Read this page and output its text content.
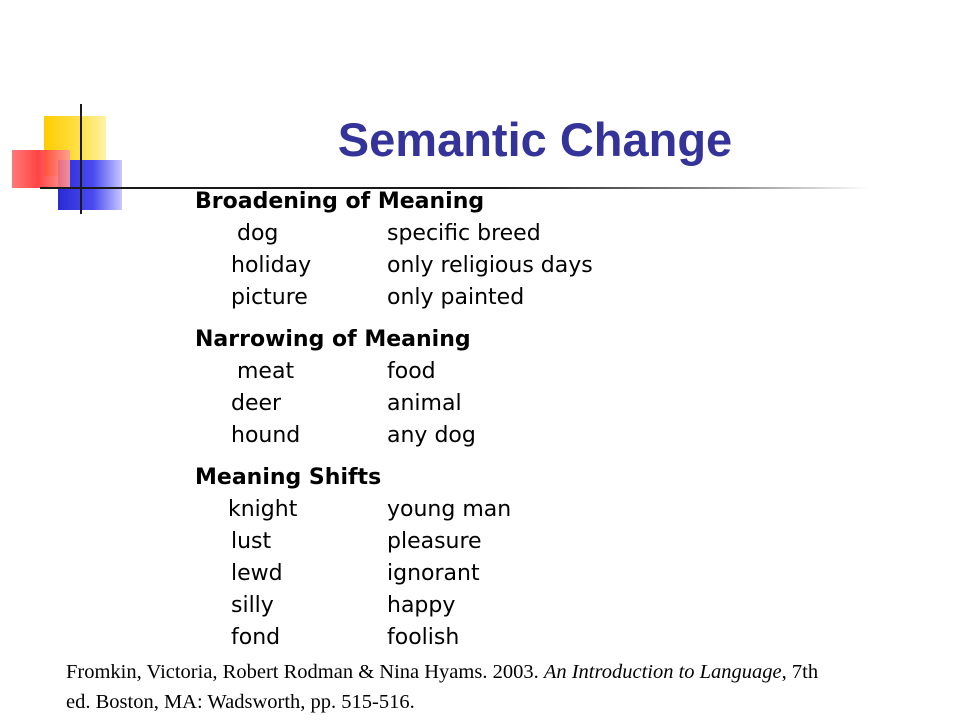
Semantic Change
Broadening of Meaning
dog	specific breed
holiday	only religious days
picture	only painted
Narrowing of Meaning
meat	food
deer	animal
hound	any dog
Meaning Shifts
knight	young man
lust	pleasure
lewd	ignorant
silly	happy
fond	foolish
Fromkin, Victoria, Robert Rodman & Nina Hyams. 2003. An Introduction to Language, 7th ed. Boston, MA: Wadsworth, pp. 515-516.
